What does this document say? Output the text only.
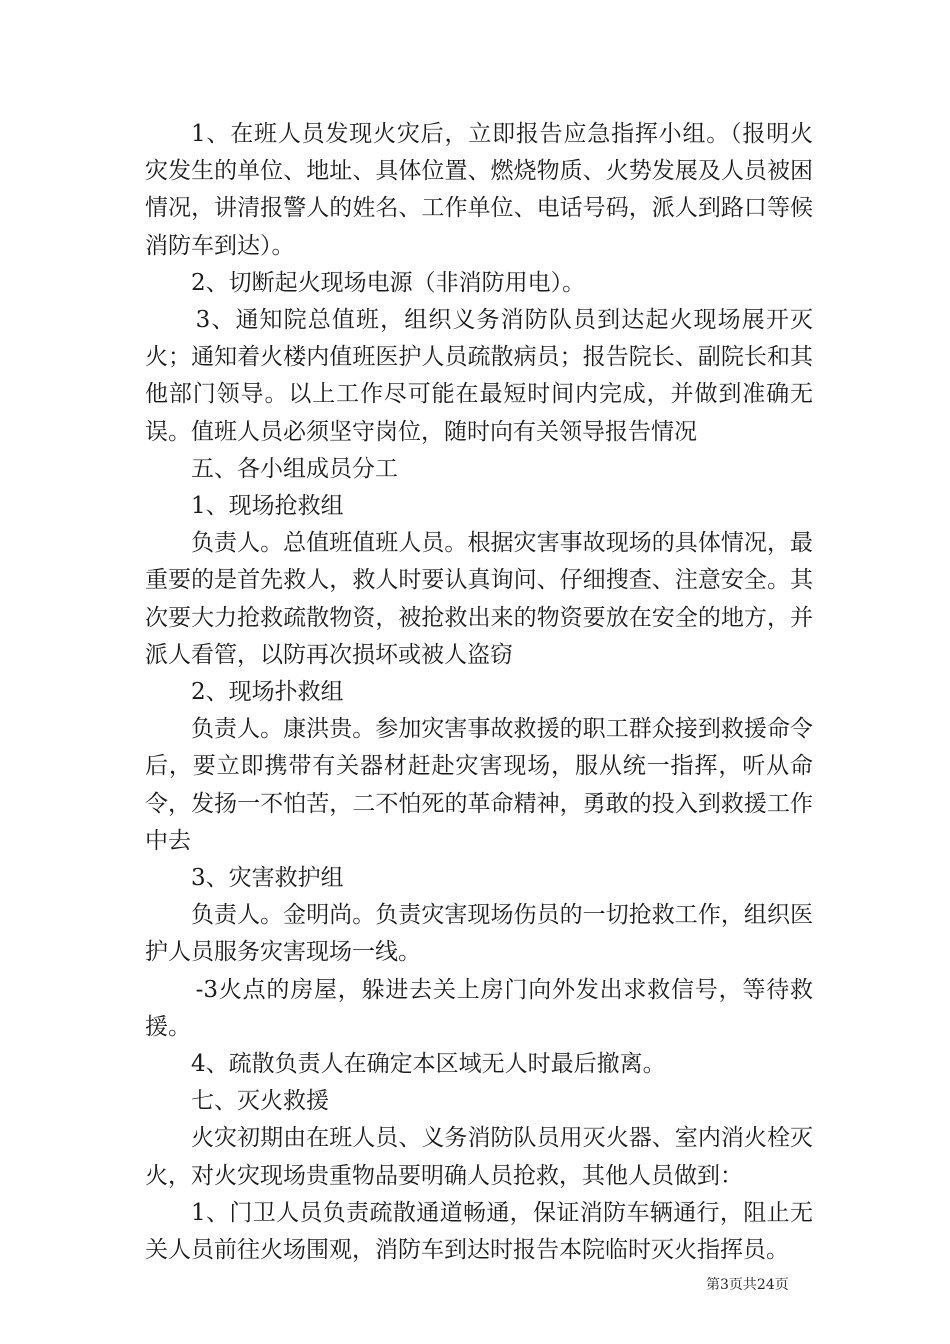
1、在班人员发现火灾后，立即报告应急指挥小组。（报明火灾发生的单位、地址、具体位置、燃烧物质、火势发展及人员被困情况，讲清报警人的姓名、工作单位、电话号码，派人到路口等候消防车到达）。

2、切断起火现场电源（非消防用电）。

3、通知院总值班，组织义务消防队员到达起火现场展开灭火；通知着火楼内值班医护人员疏散病员；报告院长、副院长和其他部门领导。以上工作尽可能在最短时间内完成，并做到准确无误。值班人员必须坚守岗位，随时向有关领导报告情况

五、各小组成员分工

1、现场抢救组

负责人。总值班值班人员。根据灾害事故现场的具体情况，最重要的是首先救人，救人时要认真询问、仔细搜查、注意安全。其次要大力抢救疏散物资，被抢救出来的物资要放在安全的地方，并派人看管，以防再次损坏或被人盗窃

2、现场扑救组

负责人。康洪贵。参加灾害事故救援的职工群众接到救援命令后，要立即携带有关器材赶赴灾害现场，服从统一指挥，听从命令，发扬一不怕苦，二不怕死的革命精神，勇敢的投入到救援工作中去

3、灾害救护组

负责人。金明尚。负责灾害现场伤员的一切抢救工作，组织医护人员服务灾害现场一线。

-3火点的房屋，躲进去关上房门向外发出求救信号，等待救援。

4、疏散负责人在确定本区域无人时最后撤离。

七、灭火救援

火灾初期由在班人员、义务消防队员用灭火器、室内消火栓灭火，对火灾现场贵重物品要明确人员抢救，其他人员做到：

1、门卫人员负责疏散通道畅通，保证消防车辆通行，阻止无关人员前往火场围观，消防车到达时报告本院临时灭火指挥员。

第3页共24页
